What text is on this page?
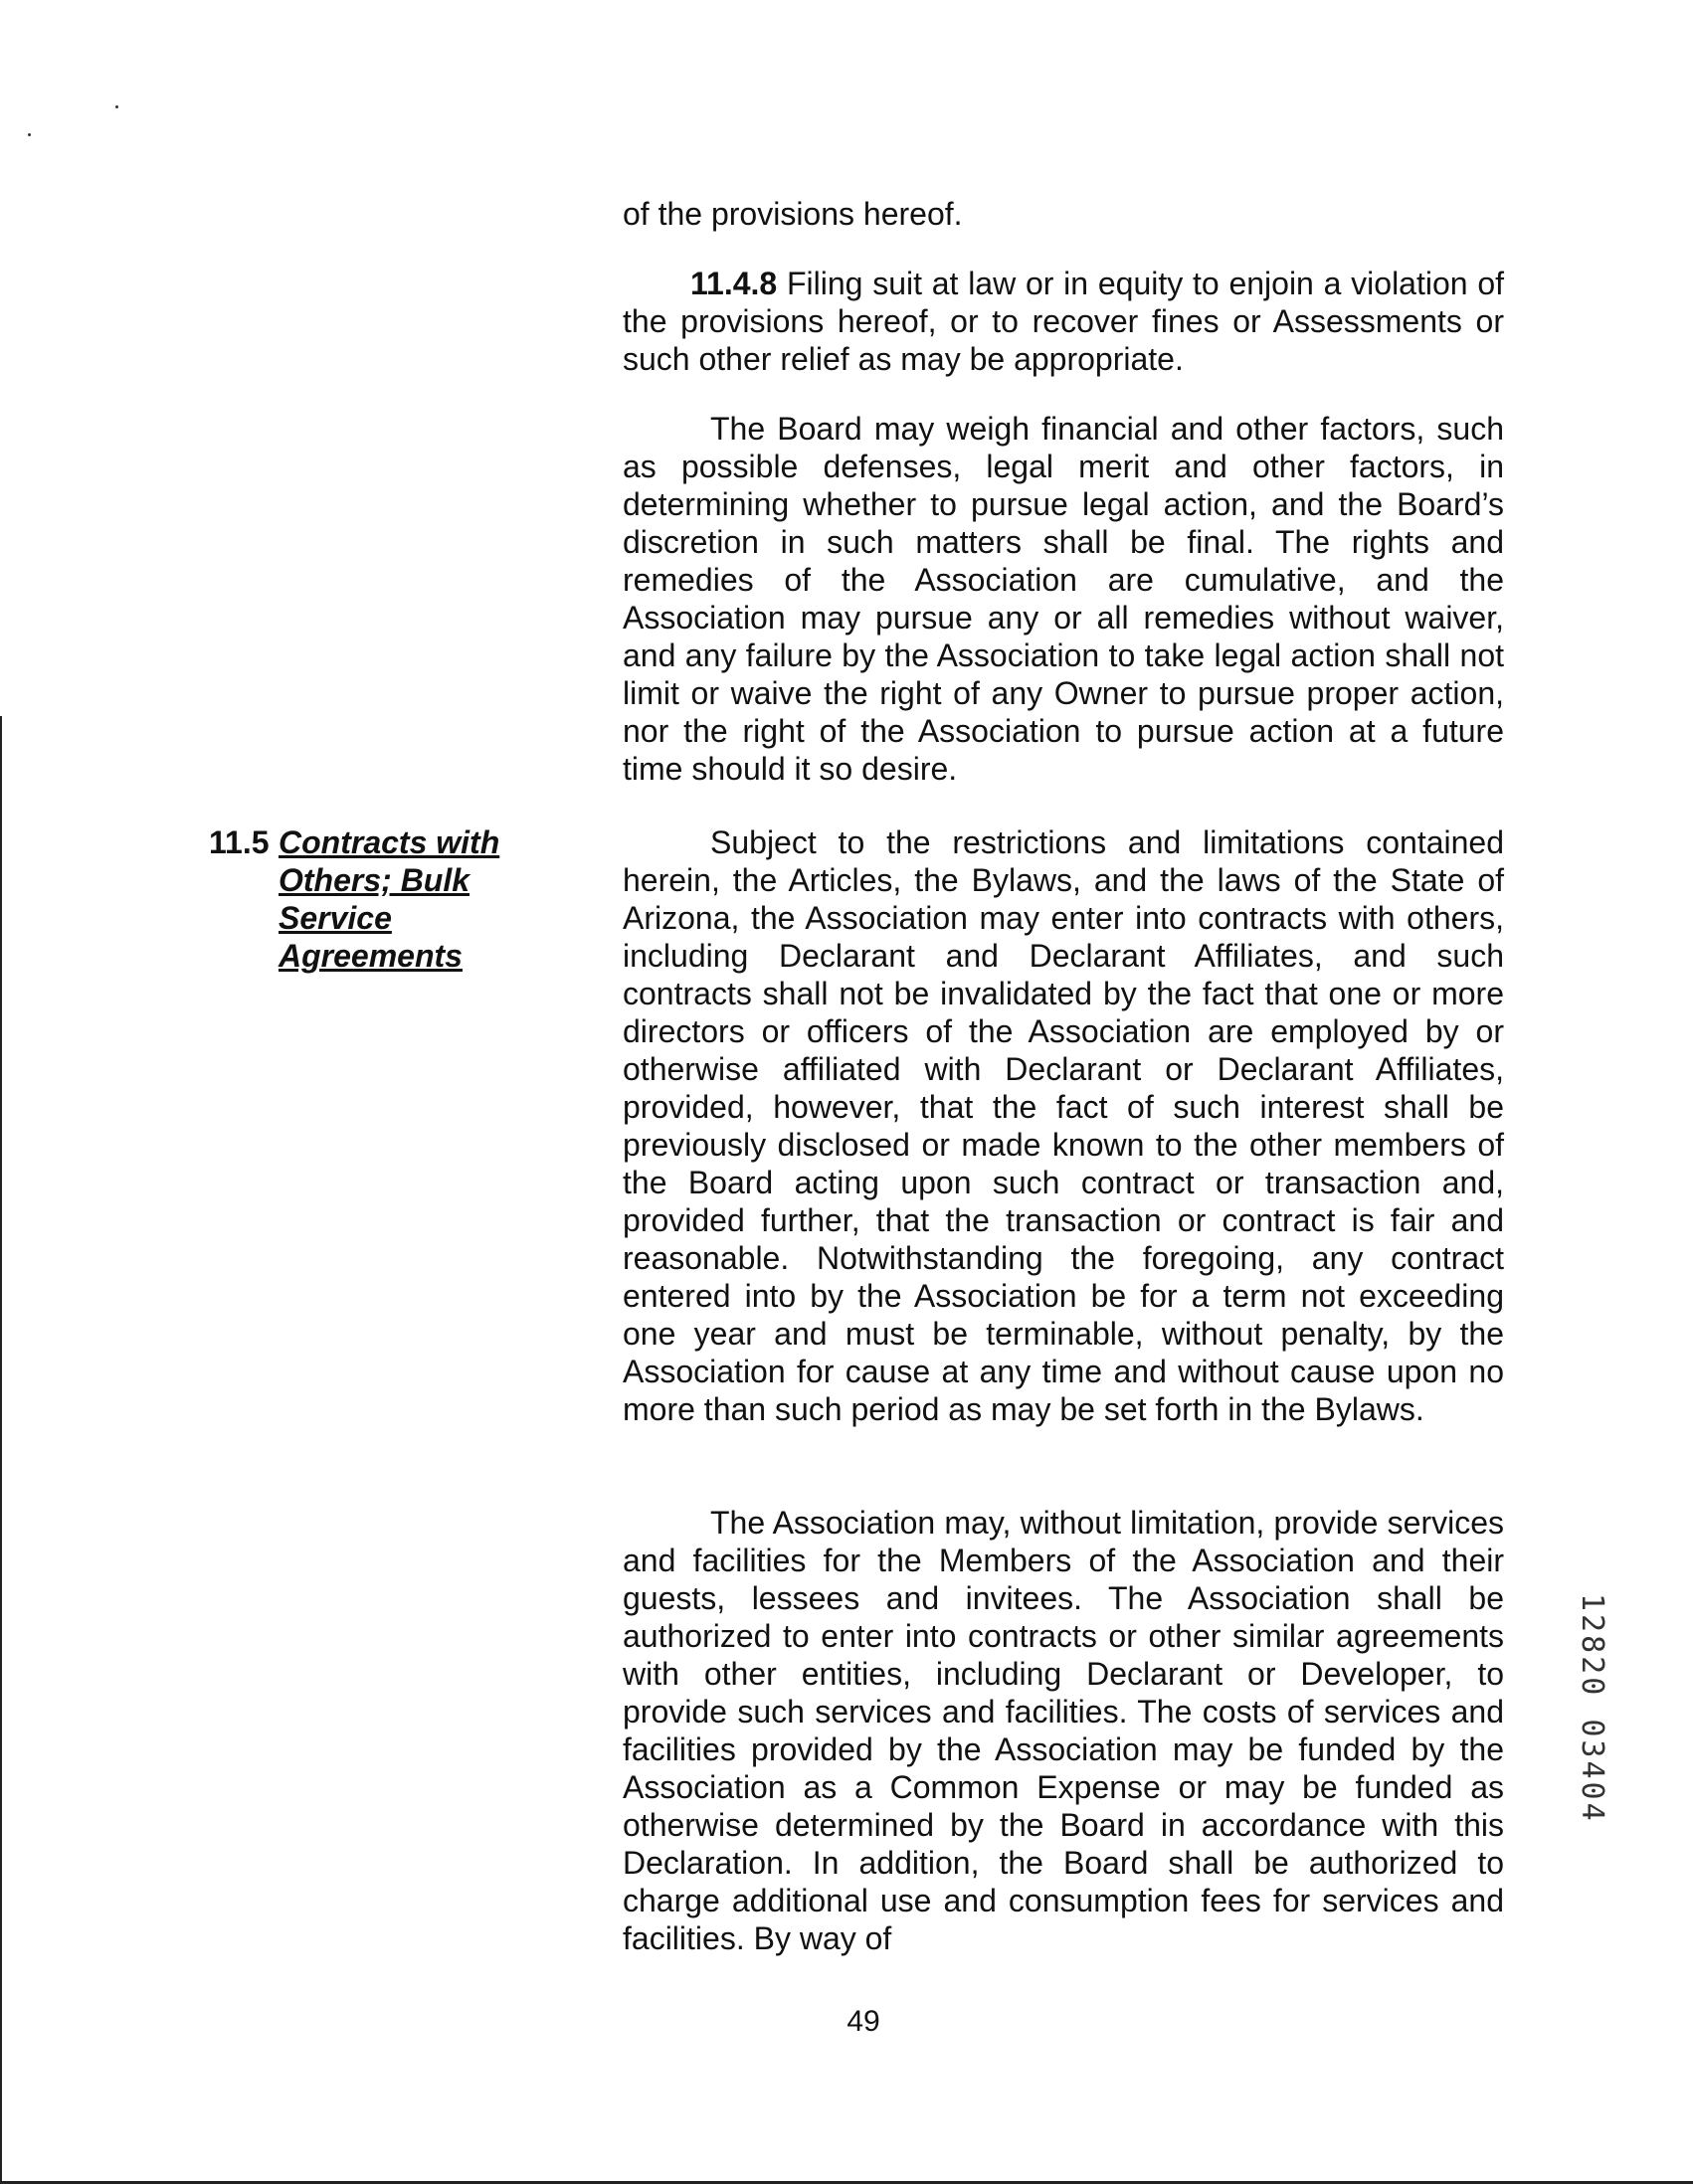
of the provisions hereof.

11.4.8 Filing suit at law or in equity to enjoin a violation of the provisions hereof, or to recover fines or Assessments or such other relief as may be appropriate.

The Board may weigh financial and other factors, such as possible defenses, legal merit and other factors, in determining whether to pursue legal action, and the Board’s discretion in such matters shall be final. The rights and remedies of the Association are cumulative, and the Association may pursue any or all remedies without waiver, and any failure by the Association to take legal action shall not limit or waive the right of any Owner to pursue proper action, nor the right of the Association to pursue action at a future time should it so desire.

11.5 Contracts with Others; Bulk Service Agreements

Subject to the restrictions and limitations contained herein, the Articles, the Bylaws, and the laws of the State of Arizona, the Association may enter into contracts with others, including Declarant and Declarant Affiliates, and such contracts shall not be invalidated by the fact that one or more directors or officers of the Association are employed by or otherwise affiliated with Declarant or Declarant Affiliates, provided, however, that the fact of such interest shall be previously disclosed or made known to the other members of the Board acting upon such contract or transaction and, provided further, that the transaction or contract is fair and reasonable. Notwithstanding the foregoing, any contract entered into by the Association be for a term not exceeding one year and must be terminable, without penalty, by the Association for cause at any time and without cause upon no more than such period as may be set forth in the Bylaws.

The Association may, without limitation, provide services and facilities for the Members of the Association and their guests, lessees and invitees. The Association shall be authorized to enter into contracts or other similar agreements with other entities, including Declarant or Developer, to provide such services and facilities. The costs of services and facilities provided by the Association may be funded by the Association as a Common Expense or may be funded as otherwise determined by the Board in accordance with this Declaration. In addition, the Board shall be authorized to charge additional use and consumption fees for services and facilities. By way of

49
12820 03404
